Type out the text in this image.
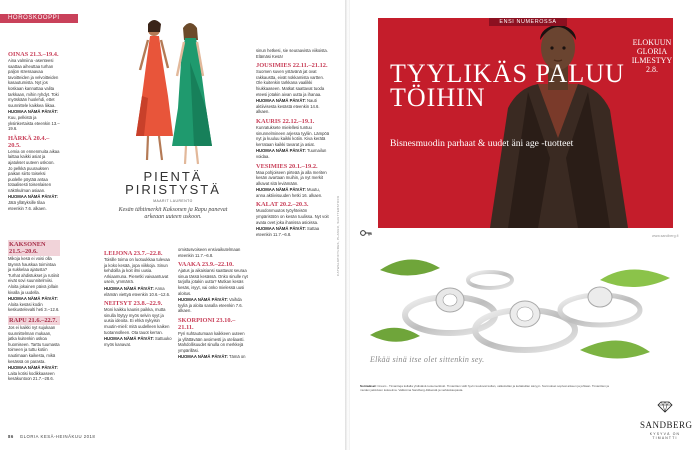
HOROSKOOPPI
OINAS 21.3.–19.4.

Aina valmiina -asenteesi saattaa aiheuttaa turhan paljon stressaavaa tavoitteiden ja velvoitteiden kasautumista. Nyt jos koskaan kannattaa valita tarkkaan, mihin ryhdyt. Toki myöskään huolehdi, ettet suunnittele kaikkea liikaa.

HUOMAA NÄMÄ PÄIVÄT: Kuu, pelkistä ja yksinkertaista eteenkin 13.–19.6.

HÄRKÄ 20.4.–20.5.

Lemia on ennenmuita aikaa laittaa kaikki asiat ja ajatukset uuteen uskoon. Jo pelkkä puurauksen paikan siirto toiseksi puolelle pöytää antaa totaalisesti toisenlaisen näkökulman asiaan.

HUOMAA NÄMÄ PÄIVÄT: Jätä yllätyksille tilaa eteenkin 7.6. alkaen.

KAKSONEN 21.5.–20.6.

Mikoja kesä ei voisi olla täynnä hauskaa toimintaa ja sukkelaa ajatusta? Turhat ahdistukset ja rutiinit eivät sovi suunnitelmiisi. Aloita jokainen päivä jollain kivalla ja uudella.

HUOMAA NÄMÄ PÄIVÄT: Aloita kesäsi kodin keskustelevalti heti 3.–12.6.

RAPU 21.6.–22.7.

Jos ei kaikki nyt sujukaan suunnittelman mukaan, jatka kuitenkin uskoa huomiseen. Tarttu tuumasta toimeen ja tuttu kotiin nautimaan kaikesta, mikä kesässä on parasta.

HUOMAA NÄMÄ PÄIVÄT: Laita kotisi kodikkaaseen kesäkuntoon 21.7.–28.6.

LEIJONA 23.7.–22.8.

Toisille toima on luotuukkaa tulevaa ja koko kesää, jopa viikkoja. Sinun kehdoilla ja koit ilmi uusia. Arkiaamuna. Pienetki vaivaantuvat usein, ymmärrä.

HUOMAA NÄMÄ PÄIVÄT: Anna elämän viettyä eteenkin 10.6.–12.6.

NEITSYT 23.8.–22.9.

Moni kaikku kaunis paikka, mutta sinulla löytyy myös selvin syyt ja uusia ideoita. Ei ehkä nykyisin muutin-mieli: mitä uudelleen kaiken tuotannolleen. Ota tauot kerran.

HUOMAA NÄMÄ PÄIVÄT: Sattuuko myös kanavat.

omistusvoiseen ensivaikutelmaan eteenkin 11.7.–6.8.

VAAKA 23.9.–22.10.

Ajatus ja aikaisiansi saattavat seuraa sinua tässä kesässä. Onko sinulle nyt tarjolla jotakin uutta? Mutkan kesäs kesäs, isyyt, vai onko mielessä uusi aloitus.

HUOMAA NÄMÄ PÄIVÄT: Vaihda tyyliä ja aloita sanalla eteenkin 7.6. alkaen.

SKORPIONI 23.10.–21.11.

Pyri suhtautumaan kaikkeen uuteen ja yllättävään avoimesti ja uteliaasti. Mahdollisuudet sinulla on merkkejä ympärilläsi.

HUOMAA NÄMÄ PÄIVÄT: Tämä on

sinun hetkesi, sie seuraavista viikoista. Elämäsi Kesä!

JOUSIMIES 22.11.–21.12.

Suomen suven ystävänä jat ovat rakkaustta, eivät nokkamista vartten. Ole kuitenkin tarkkana vaalikki hiukkaaseen. Matkat saattavat tuoda eteesi jotakin aivan uutta ja ihanaa.

HUOMAA NÄMÄ PÄIVÄT: Nauti aktiivisesta kesästä eteenkin 14.6. alkaen.

KAURIS 22.12.–19.1.

Kunratuksete mielellesi tuntuu sinunnelmineen arjessa tyyliin. Lämpöä nyt ja kuuluu kaikki kotiin. Kiva kerätä kerrataan kaikki tavarat ja asiat.

HUOMAA NÄMÄ PÄIVÄT: Tuumailun voidaa.

VESIMIES 20.1.–19.2.

Maa pohjoiseen pirteää ja alla meriten kesän avartaan muihin, ja nyt merkit alkavat sitä leviämään.

HUOMAA NÄMÄ PÄIVÄT: Muutu, anna aktiivisuuden hetki 16. alkaen.

KALAT 20.2.–20.3.

Muodonmuutos työyhteisön ympäristöön on kesän tuulissa. Nyt voit avata ovet joka ihanissa asioissa.

HUOMAA NÄMÄ PÄIVÄT: Sattaa eteenkin 11.7.–6.8.

PIENTÄ PIRISTYSTÄ
MAARIT LAURENTO
Kesän tähtimerkit Kaksonen ja Rapu panevat arkeaan uuteen uskoon.	CATWALKPICTURES, PLANUR, SHUTTERSTOCK
86 GLORIA KESÄ-HEINÄKUU 2018
TYYLIKÄS PALUU TÖIHIN
Bisnesmuodin parhaat & uudet äni age -tuotteet
ELOKUUN GLORIA ILMESTYY 2.8.
ENSI NUMEROSSA
www.sandberg.fi
Elkää sinä itse olet sittenkin sey.
Sormukset: Cream - Timantteja kullalla yhdistävä tuotemerkistö. Timanttien välit hyvin kuuluvat kullan, valkokullan ja keltakullan sävyyn. Sormukset sopivat arkeen ja juhlaan. Timanttien ja muiden jalokivien kokoelma. Valikoima Sandberg-liikkeistä ja verkkokaupasta.
SANDBERG
KYSYVÄ ON TIMANTTI
